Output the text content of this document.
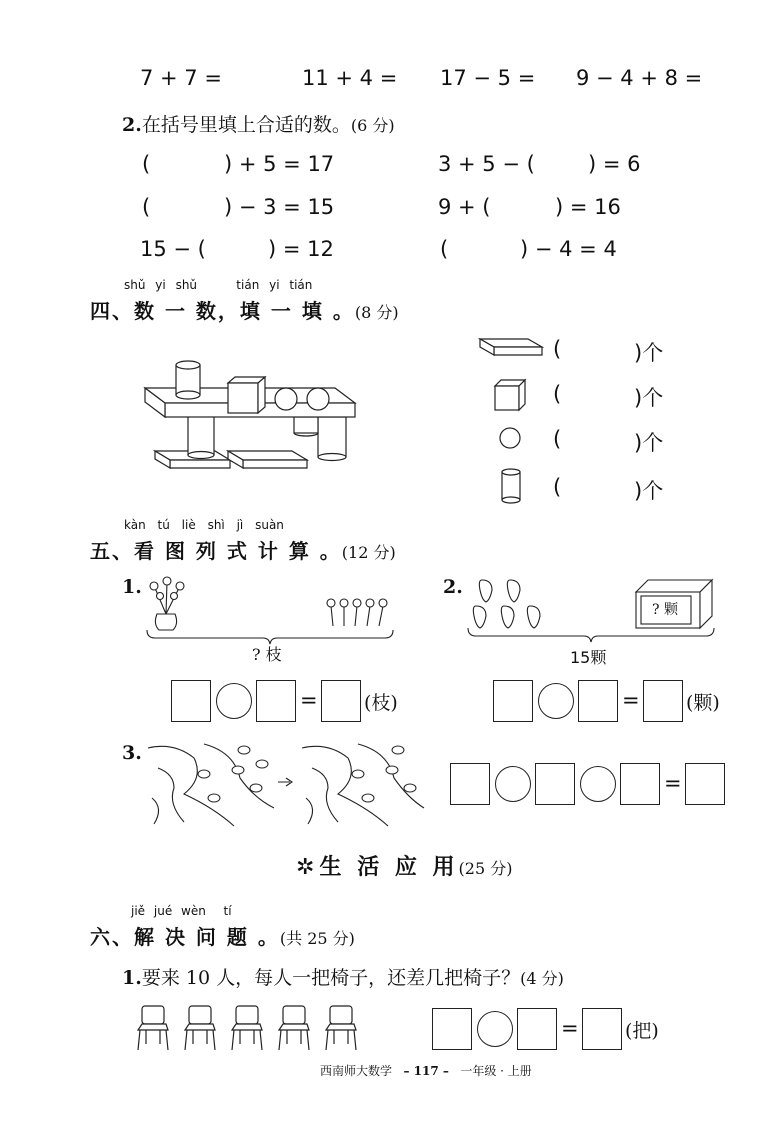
7 + 7 =	11 + 4 = 17 − 5 = 9 − 4 + 8 =
2.在括号里填上合适的数。(6 分)
(	) + 5 = 17	3 + 5 − (	) = 6
(	) − 3 = 15	9 + (	) = 16
15 − (	) = 12	(	) − 4 = 4
shǔ yi shǔ	tián yi tián
四、数 一 数，填 一 填 。(8 分)
(	)个
(	)个
(	)个
(	)个
kàn tú liè shì jì suàn
五、看 图 列 式 计 算 。(12 分)
1.
? 枝
= (枝)
2.
? 颗
15颗
= (颗)
3.
=
✲ 生 活 应 用(25 分)
jiě jué wèn tí
六、解 决 问 题 。(共 25 分)
1.要来 10 人，每人一把椅子，还差几把椅子？(4 分)
= (把)
西南师大数学 – 117 – 一年级 · 上册
